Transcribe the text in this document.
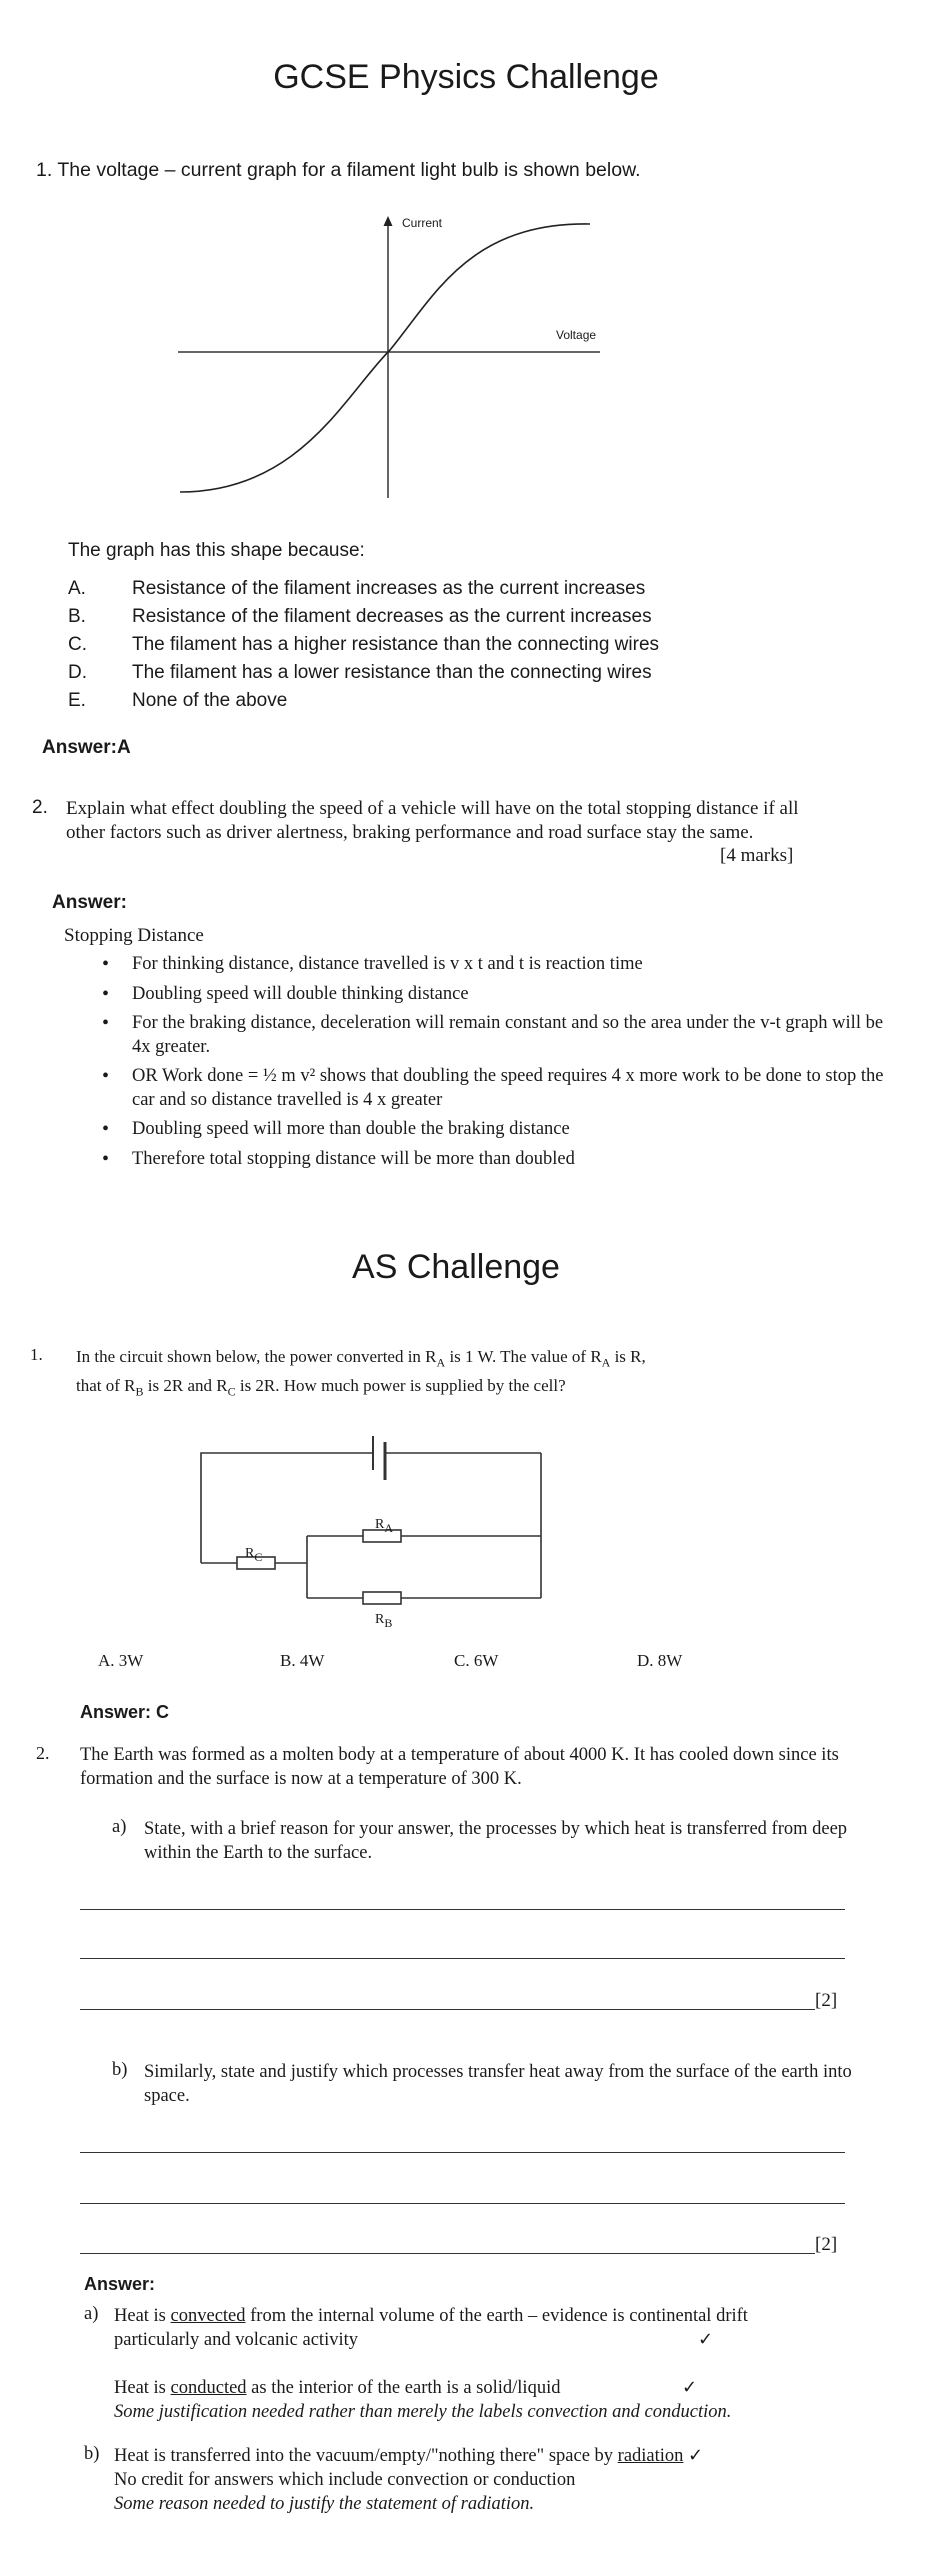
GCSE Physics Challenge
1. The voltage – current graph for a filament light bulb is shown below.
Current
Voltage
The graph has this shape because:
A. Resistance of the filament increases as the current increases
B. Resistance of the filament decreases as the current increases
C. The filament has a higher resistance than the connecting wires
D. The filament has a lower resistance than the connecting wires
E. None of the above
Answer:A
2. Explain what effect doubling the speed of a vehicle will have on the total stopping distance if all other factors such as driver alertness, braking performance and road surface stay the same.
[4 marks]
Answer:
Stopping Distance
• For thinking distance, distance travelled is v x t and t is reaction time
• Doubling speed will double thinking distance
• For the braking distance, deceleration will remain constant and so the area under the v-t graph will be 4x greater.
• OR Work done = ½ m v² shows that doubling the speed requires 4 x more work to be done to stop the car and so distance travelled is 4 x greater
• Doubling speed will more than double the braking distance
• Therefore total stopping distance will be more than doubled
AS Challenge
1. In the circuit shown below, the power converted in $R_A$ is 1 W. The value of $R_A$ is R,
that of $R_B$ is 2R and $R_C$ is 2R. How much power is supplied by the cell?
$R_A$
$R_C$
$R_B$
A. 3W	B. 4W	C. 6W	D. 8W
Answer: C
2. The Earth was formed as a molten body at a temperature of about 4000 K. It has cooled down since its formation and the surface is now at a temperature of 300 K.
a) State, with a brief reason for your answer, the processes by which heat is transferred from deep within the Earth to the surface.
[2]
b) Similarly, state and justify which processes transfer heat away from the surface of the earth into space.
[2]
Answer:
a) Heat is convected from the internal volume of the earth – evidence is continental drift
particularly and volcanic activity	✓
Heat is conducted as the interior of the earth is a solid/liquid	✓
Some justification needed rather than merely the labels convection and conduction.
b) Heat is transferred into the vacuum/empty/"nothing there" space by radiation ✓
No credit for answers which include convection or conduction
Some reason needed to justify the statement of radiation.
